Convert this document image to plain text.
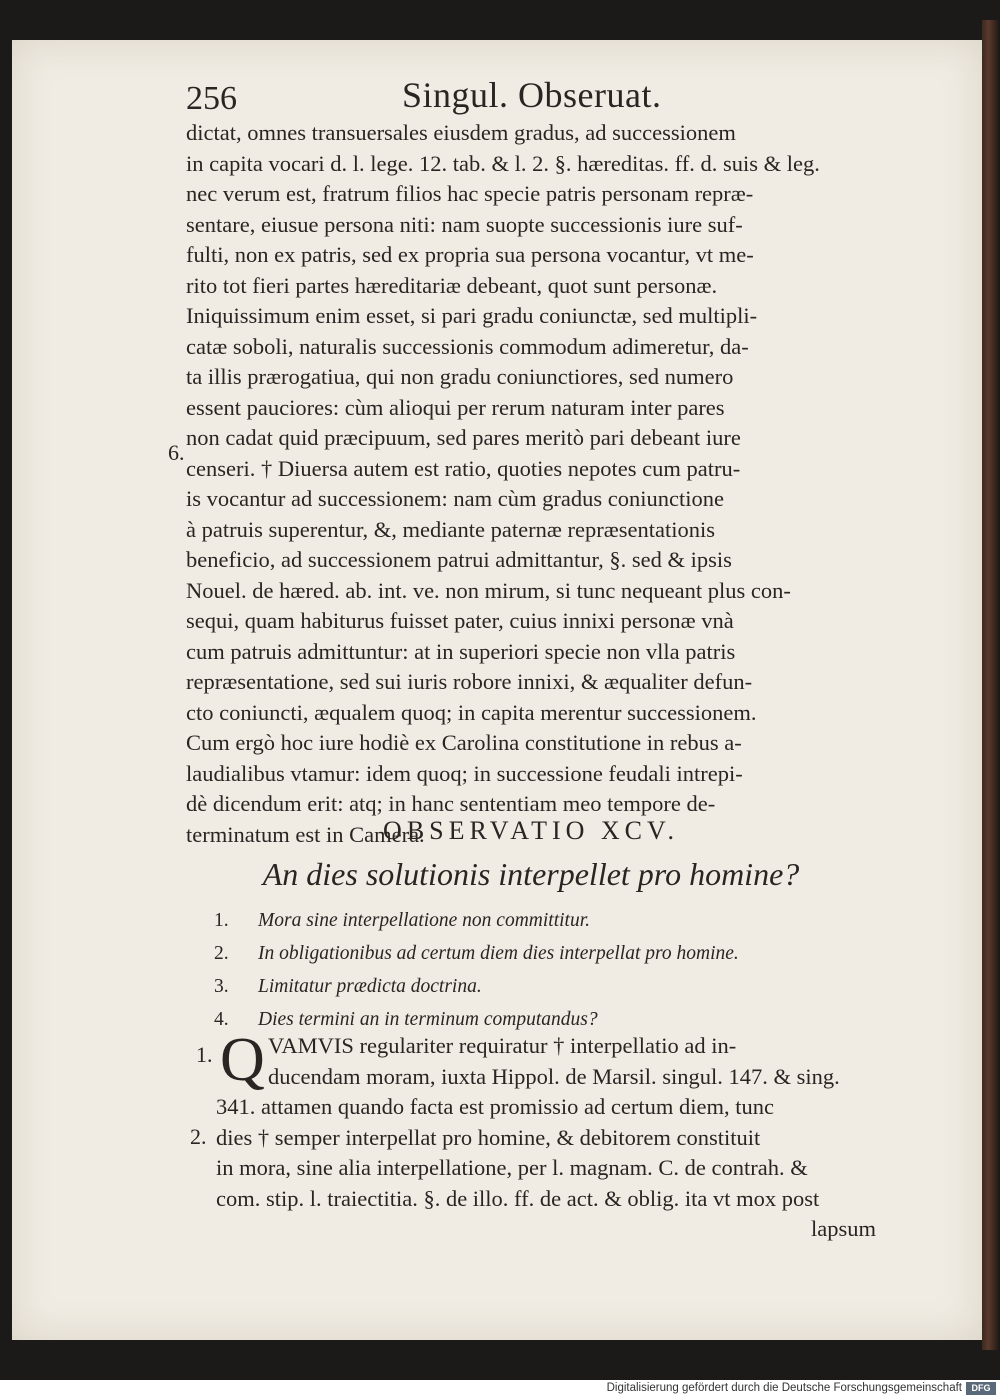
256	Singul. Obseruat.
dictat, omnes transuersales eiusdem gradus, ad successionem
in capita vocari d. l. lege. 12. tab. & l. 2. §. hæreditas. ff. d. suis & leg.
nec verum est, fratrum filios hac specie patris personam repræ-
sentare, eiusue persona niti: nam suopte successionis iure suf-
fulti, non ex patris, sed ex propria sua persona vocantur, vt me-
rito tot fieri partes hæreditariæ debeant, quot sunt personæ.
Iniquissimum enim esset, si pari gradu coniunctæ, sed multipli-
catæ soboli, naturalis successionis commodum adimeretur, da-
ta illis prærogatiua, qui non gradu coniunctiores, sed numero
essent pauciores: cùm alioqui per rerum naturam inter pares
non cadat quid præcipuum, sed pares meritò pari debeant iure
censeri. † Diuersa autem est ratio, quoties nepotes cum patru-
is vocantur ad successionem: nam cùm gradus coniunctione
à patruis superentur, &, mediante paternæ repræsentationis
beneficio, ad successionem patrui admittantur, §. sed & ipsis
Nouel. de hæred. ab. int. ve. non mirum, si tunc nequeant plus con-
sequi, quam habiturus fuisset pater, cuius innixi personæ vnà
cum patruis admittuntur: at in superiori specie non vlla patris
repræsentatione, sed sui iuris robore innixi, & æqualiter defun-
cto coniuncti, æqualem quoq; in capita merentur successionem.
Cum ergò hoc iure hodiè ex Carolina constitutione in rebus a-
laudialibus vtamur: idem quoq; in successione feudali intrepi-
dè dicendum erit: atq; in hanc sententiam meo tempore de-
terminatum est in Camera.
6.
OBSERVATIO XCV.
An dies solutionis interpellet pro homine?
1. Mora sine interpellatione non committitur.
2. In obligationibus ad certum diem dies interpellat pro homine.
3. Limitatur prædicta doctrina.
4. Dies termini an in terminum computandus?
1.
2.
Q VAMVIS regulariter requiratur † interpellatio ad in-
ducendam moram, iuxta Hippol. de Marsil. singul. 147. & sing.
341. attamen quando facta est promissio ad certum diem, tunc
dies † semper interpellat pro homine, & debitorem constituit
in mora, sine alia interpellatione, per l. magnam. C. de contrah. &
com. stip. l. traiectitia. §. de illo. ff. de act. & oblig. ita vt mox post
lapsum
Digitalisierung gefördert durch die Deutsche Forschungsgemeinschaft	DFG
